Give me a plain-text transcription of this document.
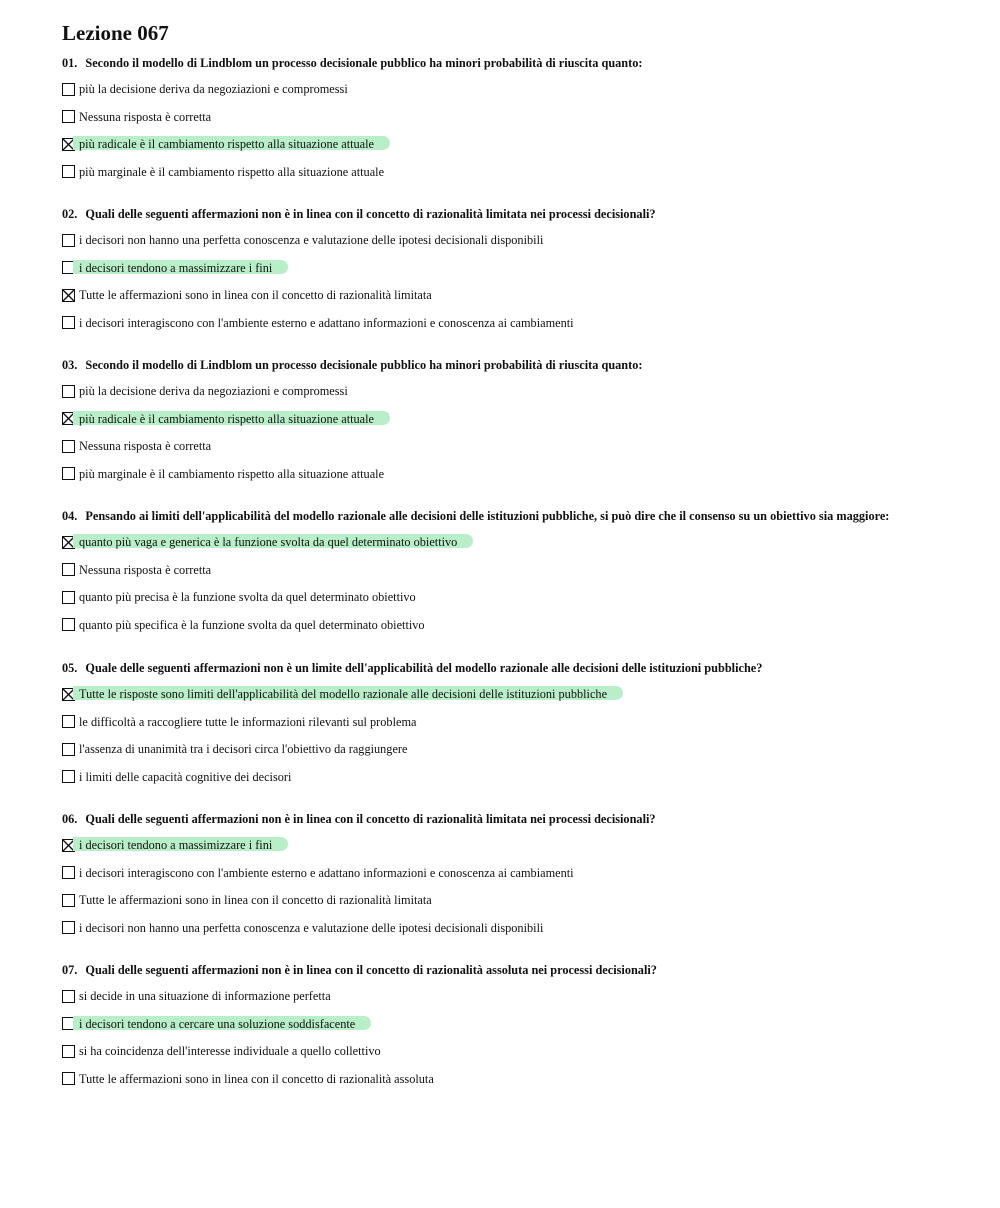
Lezione 067
01. Secondo il modello di Lindblom un processo decisionale pubblico ha minori probabilità di riuscita quanto:
più la decisione deriva da negoziazioni e compromessi
Nessuna risposta è corretta
più radicale è il cambiamento rispetto alla situazione attuale
più marginale è il cambiamento rispetto alla situazione attuale
02. Quali delle seguenti affermazioni non è in linea con il concetto di razionalità limitata nei processi decisionali?
i decisori non hanno una perfetta conoscenza e valutazione delle ipotesi decisionali disponibili
i decisori tendono a massimizzare i fini
Tutte le affermazioni sono in linea con il concetto di razionalità limitata
i decisori interagiscono con l'ambiente esterno e adattano informazioni e conoscenza ai cambiamenti
03. Secondo il modello di Lindblom un processo decisionale pubblico ha minori probabilità di riuscita quanto:
più la decisione deriva da negoziazioni e compromessi
più radicale è il cambiamento rispetto alla situazione attuale
Nessuna risposta è corretta
più marginale è il cambiamento rispetto alla situazione attuale
04. Pensando ai limiti dell'applicabilità del modello razionale alle decisioni delle istituzioni pubbliche, si può dire che il consenso su un obiettivo sia maggiore:
quanto più vaga e generica è la funzione svolta da quel determinato obiettivo
Nessuna risposta è corretta
quanto più precisa è la funzione svolta da quel determinato obiettivo
quanto più specifica è la funzione svolta da quel determinato obiettivo
05. Quale delle seguenti affermazioni non è un limite dell'applicabilità del modello razionale alle decisioni delle istituzioni pubbliche?
Tutte le risposte sono limiti dell'applicabilità del modello razionale alle decisioni delle istituzioni pubbliche
le difficoltà a raccogliere tutte le informazioni rilevanti sul problema
l'assenza di unanimità tra i decisori circa l'obiettivo da raggiungere
i limiti delle capacità cognitive dei decisori
06. Quali delle seguenti affermazioni non è in linea con il concetto di razionalità limitata nei processi decisionali?
i decisori tendono a massimizzare i fini
i decisori interagiscono con l'ambiente esterno e adattano informazioni e conoscenza ai cambiamenti
Tutte le affermazioni sono in linea con il concetto di razionalità limitata
i decisori non hanno una perfetta conoscenza e valutazione delle ipotesi decisionali disponibili
07. Quali delle seguenti affermazioni non è in linea con il concetto di razionalità assoluta nei processi decisionali?
si decide in una situazione di informazione perfetta
i decisori tendono a cercare una soluzione soddisfacente
si ha coincidenza dell'interesse individuale a quello collettivo
Tutte le affermazioni sono in linea con il concetto di razionalità assoluta
